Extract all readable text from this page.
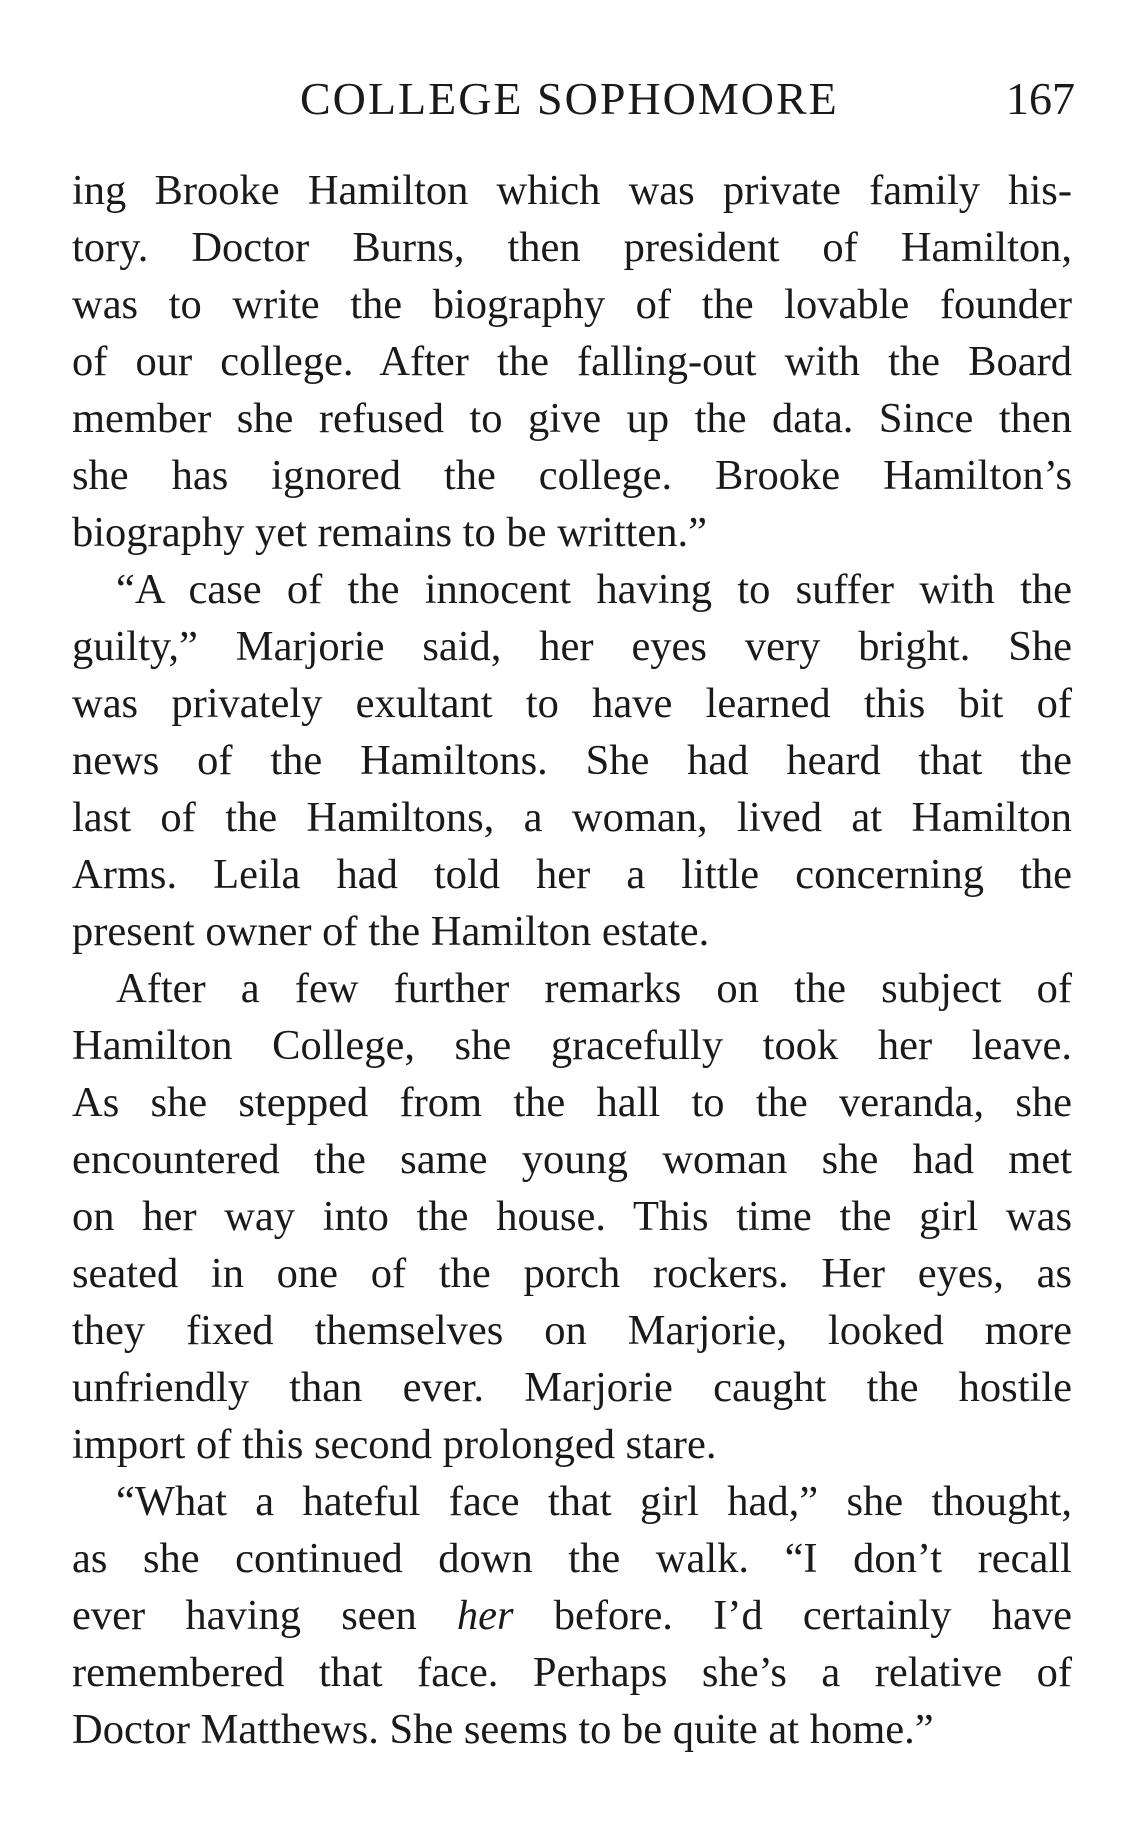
COLLEGE SOPHOMORE	167
ing Brooke Hamilton which was private family his-
tory. Doctor Burns, then president of Hamilton,
was to write the biography of the lovable founder
of our college. After the falling-out with the Board
member she refused to give up the data. Since then
she has ignored the college. Brooke Hamilton’s
biography yet remains to be written.”
“A case of the innocent having to suffer with the
guilty,” Marjorie said, her eyes very bright. She
was privately exultant to have learned this bit of
news of the Hamiltons. She had heard that the
last of the Hamiltons, a woman, lived at Hamilton
Arms. Leila had told her a little concerning the
present owner of the Hamilton estate.
After a few further remarks on the subject of
Hamilton College, she gracefully took her leave.
As she stepped from the hall to the veranda, she
encountered the same young woman she had met
on her way into the house. This time the girl was
seated in one of the porch rockers. Her eyes, as
they fixed themselves on Marjorie, looked more
unfriendly than ever. Marjorie caught the hostile
import of this second prolonged stare.
“What a hateful face that girl had,” she thought,
as she continued down the walk. “I don’t recall
ever having seen her before. I’d certainly have
remembered that face. Perhaps she’s a relative of
Doctor Matthews. She seems to be quite at home.”
